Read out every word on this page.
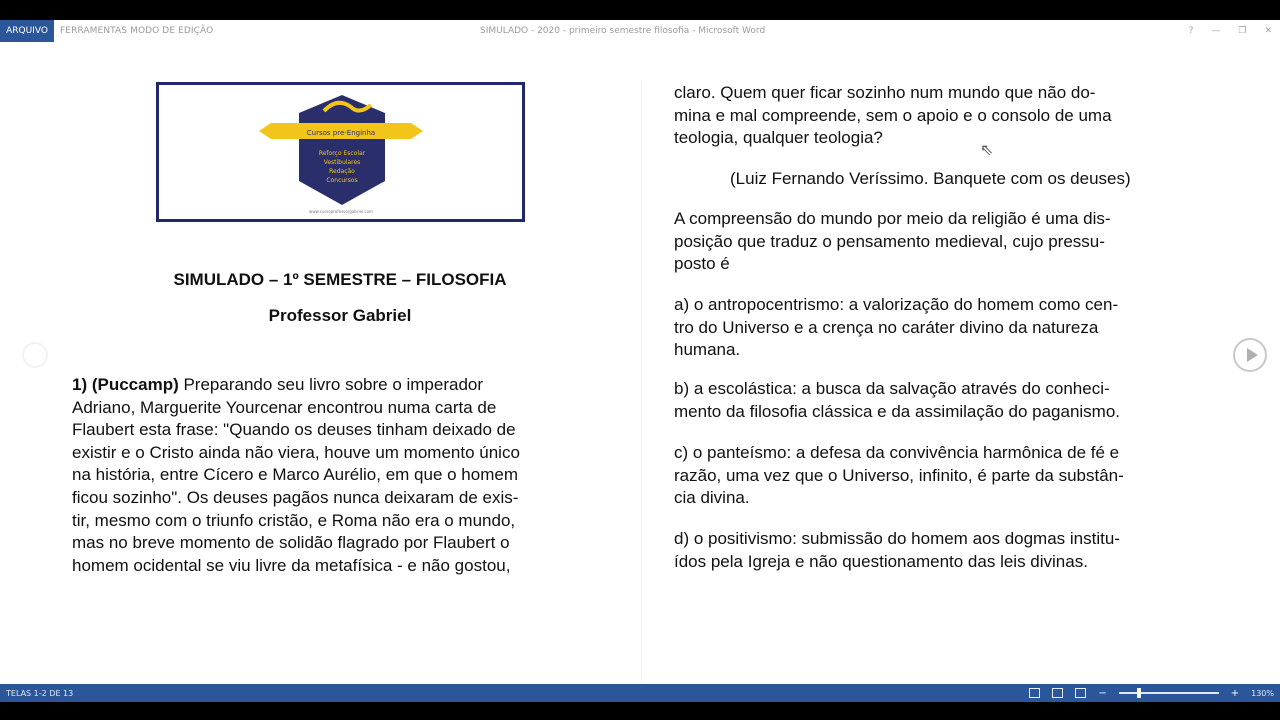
ARQUIVO	FERRAMENTAS MODO DE EDIÇÃO	SIMULADO - 2020 - primeiro semestre filosofia - Microsoft Word	? — ❐ ✕
Cursos pre-Enginha
Reforço Escolar
Vestibulares
Redação
Concursos
www.cursoprofessorgabriel.com
SIMULADO – 1º SEMESTRE – FILOSOFIA
Professor Gabriel
1) (Puccamp) Preparando seu livro sobre o imperador
Adriano, Marguerite Yourcenar encontrou numa carta de
Flaubert esta frase: "Quando os deuses tinham deixado de
existir e o Cristo ainda não viera, houve um momento único
na história, entre Cícero e Marco Aurélio, em que o homem
ficou sozinho". Os deuses pagãos nunca deixaram de exis-
tir, mesmo com o triunfo cristão, e Roma não era o mundo,
mas no breve momento de solidão flagrado por Flaubert o
homem ocidental se viu livre da metafísica - e não gostou,
claro. Quem quer ficar sozinho num mundo que não do-
mina e mal compreende, sem o apoio e o consolo de uma
teologia, qualquer teologia?
(Luiz Fernando Veríssimo. Banquete com os deuses)
A compreensão do mundo por meio da religião é uma dis-
posição que traduz o pensamento medieval, cujo pressu-
posto é
a) o antropocentrismo: a valorização do homem como cen-
tro do Universo e a crença no caráter divino da natureza
humana.
b) a escolástica: a busca da salvação através do conheci-
mento da filosofia clássica e da assimilação do paganismo.
c) o panteísmo: a defesa da convivência harmônica de fé e
razão, uma vez que o Universo, infinito, é parte da substân-
cia divina.
d) o positivismo: submissão do homem aos dogmas institu-
ídos pela Igreja e não questionamento das leis divinas.
⇖
TELAS 1-2 DE 13	−	+ 130%
